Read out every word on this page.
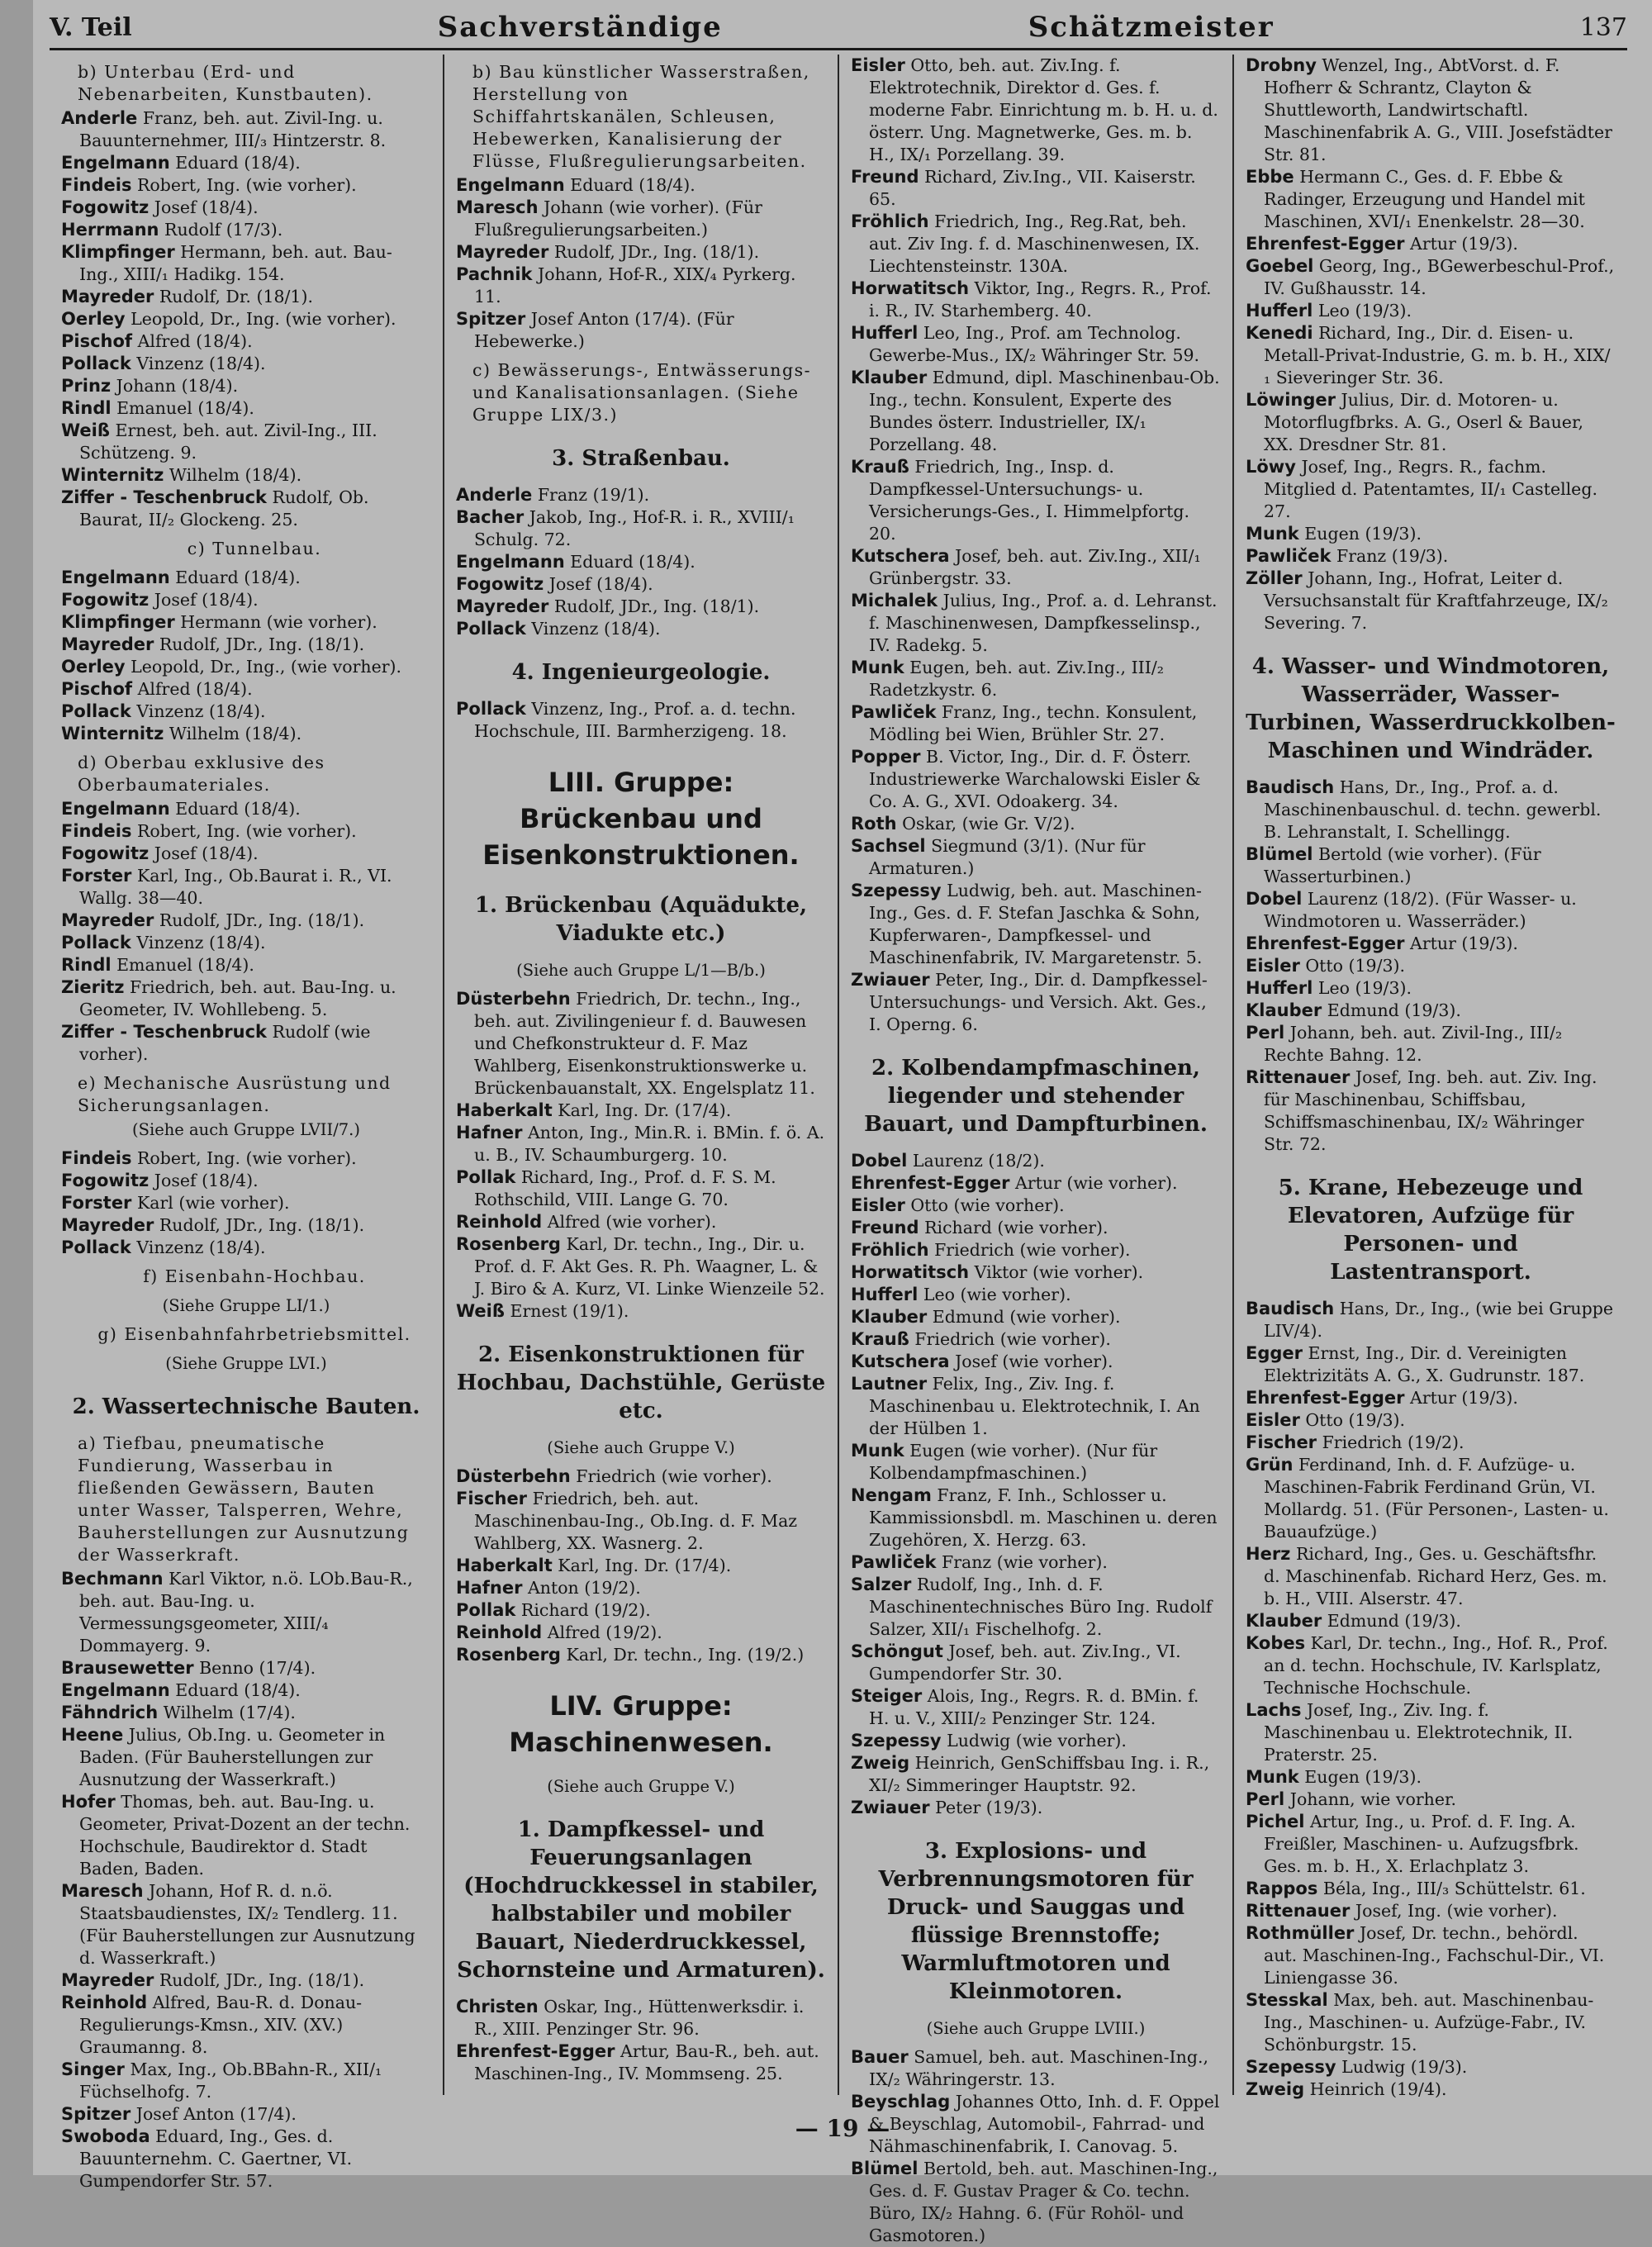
V. Teil	Sachverständige	Schätzmeister	137
b) Unterbau (Erd- und Nebenarbeiten, Kunstbauten).

Anderle Franz, beh. aut. Zivil-Ing. u. Bauunternehmer, III/₃ Hintzerstr. 8.

Engelmann Eduard (18/4).

Findeis Robert, Ing. (wie vorher).

Fogowitz Josef (18/4).

Herrmann Rudolf (17/3).

Klimpfinger Hermann, beh. aut. Bau-Ing., XIII/₁ Hadikg. 154.

Mayreder Rudolf, Dr. (18/1).

Oerley Leopold, Dr., Ing. (wie vorher).

Pischof Alfred (18/4).

Pollack Vinzenz (18/4).

Prinz Johann (18/4).

Rindl Emanuel (18/4).

Weiß Ernest, beh. aut. Zivil-Ing., III. Schützeng. 9.

Winternitz Wilhelm (18/4).

Ziffer - Teschenbruck Rudolf, Ob. Baurat, II/₂ Glockeng. 25.

c) Tunnelbau.

Engelmann Eduard (18/4).

Fogowitz Josef (18/4).

Klimpfinger Hermann (wie vorher).

Mayreder Rudolf, JDr., Ing. (18/1).

Oerley Leopold, Dr., Ing., (wie vorher).

Pischof Alfred (18/4).

Pollack Vinzenz (18/4).

Winternitz Wilhelm (18/4).

d) Oberbau exklusive des Oberbaumateriales.

Engelmann Eduard (18/4).

Findeis Robert, Ing. (wie vorher).

Fogowitz Josef (18/4).

Forster Karl, Ing., Ob.Baurat i. R., VI. Wallg. 38—40.

Mayreder Rudolf, JDr., Ing. (18/1).

Pollack Vinzenz (18/4).

Rindl Emanuel (18/4).

Zieritz Friedrich, beh. aut. Bau-Ing. u. Geometer, IV. Wohllebeng. 5.

Ziffer - Teschenbruck Rudolf (wie vorher).

e) Mechanische Ausrüstung und Sicherungsanlagen.
(Siehe auch Gruppe LVII/7.)

Findeis Robert, Ing. (wie vorher).

Fogowitz Josef (18/4).

Forster Karl (wie vorher).

Mayreder Rudolf, JDr., Ing. (18/1).

Pollack Vinzenz (18/4).

f) Eisenbahn-Hochbau.
(Siehe Gruppe LI/1.)
g) Eisenbahnfahrbetriebsmittel.
(Siehe Gruppe LVI.)
2. Wassertechnische Bauten.
a) Tiefbau, pneumatische Fundierung, Wasserbau in fließenden Gewässern, Bauten unter Wasser, Talsperren, Wehre, Bauherstellungen zur Ausnutzung der Wasserkraft.

Bechmann Karl Viktor, n.ö. LOb.Bau-R., beh. aut. Bau-Ing. u. Vermessungsgeometer, XIII/₄ Dommayerg. 9.

Brausewetter Benno (17/4).

Engelmann Eduard (18/4).

Fähndrich Wilhelm (17/4).

Heene Julius, Ob.Ing. u. Geometer in Baden. (Für Bauherstellungen zur Ausnutzung der Wasserkraft.)

Hofer Thomas, beh. aut. Bau-Ing. u. Geometer, Privat-Dozent an der techn. Hochschule, Baudirektor d. Stadt Baden, Baden.

Maresch Johann, Hof R. d. n.ö. Staatsbaudienstes, IX/₂ Tendlerg. 11. (Für Bauherstellungen zur Ausnutzung d. Wasserkraft.)

Mayreder Rudolf, JDr., Ing. (18/1).

Reinhold Alfred, Bau-R. d. Donau-Regulierungs-Kmsn., XIV. (XV.) Graumanng. 8.

Singer Max, Ing., Ob.BBahn-R., XII/₁ Füchselhofg. 7.

Spitzer Josef Anton (17/4).

Swoboda Eduard, Ing., Ges. d. Bauunternehm. C. Gaertner, VI. Gumpendorfer Str. 57.

b) Bau künstlicher Wasserstraßen, Herstellung von Schiffahrtskanälen, Schleusen, Hebewerken, Kanalisierung der Flüsse, Flußregulierungsarbeiten.

Engelmann Eduard (18/4).

Maresch Johann (wie vorher). (Für Flußregulierungsarbeiten.)

Mayreder Rudolf, JDr., Ing. (18/1).

Pachnik Johann, Hof-R., XIX/₄ Pyrkerg. 11.

Spitzer Josef Anton (17/4). (Für Hebewerke.)

c) Bewässerungs-, Entwässerungs- und Kanalisationsanlagen. (Siehe Gruppe LIX/3.)
3. Straßenbau.

Anderle Franz (19/1).

Bacher Jakob, Ing., Hof-R. i. R., XVIII/₁ Schulg. 72.

Engelmann Eduard (18/4).

Fogowitz Josef (18/4).

Mayreder Rudolf, JDr., Ing. (18/1).

Pollack Vinzenz (18/4).

4. Ingenieurgeologie.

Pollack Vinzenz, Ing., Prof. a. d. techn. Hochschule, III. Barmherzigeng. 18.

LIII. Gruppe: Brückenbau und Eisenkonstruktionen.
1. Brückenbau (Aquädukte, Viadukte etc.)
(Siehe auch Gruppe L/1—B/b.)

Düsterbehn Friedrich, Dr. techn., Ing., beh. aut. Zivilingenieur f. d. Bauwesen und Chefkonstrukteur d. F. Maz Wahlberg, Eisenkonstruktionswerke u. Brückenbauanstalt, XX. Engelsplatz 11.

Haberkalt Karl, Ing. Dr. (17/4).

Hafner Anton, Ing., Min.R. i. BMin. f. ö. A. u. B., IV. Schaumburgerg. 10.

Pollak Richard, Ing., Prof. d. F. S. M. Rothschild, VIII. Lange G. 70.

Reinhold Alfred (wie vorher).

Rosenberg Karl, Dr. techn., Ing., Dir. u. Prof. d. F. Akt Ges. R. Ph. Waagner, L. & J. Biro & A. Kurz, VI. Linke Wienzeile 52.

Weiß Ernest (19/1).

2. Eisenkonstruktionen für Hochbau, Dachstühle, Gerüste etc.
(Siehe auch Gruppe V.)

Düsterbehn Friedrich (wie vorher).

Fischer Friedrich, beh. aut. Maschinenbau-Ing., Ob.Ing. d. F. Maz Wahlberg, XX. Wasnerg. 2.

Haberkalt Karl, Ing. Dr. (17/4).

Hafner Anton (19/2).

Pollak Richard (19/2).

Reinhold Alfred (19/2).

Rosenberg Karl, Dr. techn., Ing. (19/2.)

LIV. Gruppe: Maschinenwesen.
(Siehe auch Gruppe V.)
1. Dampfkessel- und Feuerungsanlagen (Hochdruckkessel in stabiler, halbstabiler und mobiler Bauart, Niederdruckkessel, Schornsteine und Armaturen).

Christen Oskar, Ing., Hüttenwerksdir. i. R., XIII. Penzinger Str. 96.

Ehrenfest-Egger Artur, Bau-R., beh. aut. Maschinen-Ing., IV. Mommseng. 25.

Eisler Otto, beh. aut. Ziv.Ing. f. Elektrotechnik, Direktor d. Ges. f. moderne Fabr. Einrichtung m. b. H. u. d. österr. Ung. Magnetwerke, Ges. m. b. H., IX/₁ Porzellang. 39.

Freund Richard, Ziv.Ing., VII. Kaiserstr. 65.

Fröhlich Friedrich, Ing., Reg.Rat, beh. aut. Ziv Ing. f. d. Maschinenwesen, IX. Liechtensteinstr. 130A.

Horwatitsch Viktor, Ing., Regrs. R., Prof. i. R., IV. Starhemberg. 40.

Hufferl Leo, Ing., Prof. am Technolog. Gewerbe-Mus., IX/₂ Währinger Str. 59.

Klauber Edmund, dipl. Maschinenbau-Ob. Ing., techn. Konsulent, Experte des Bundes österr. Industrieller, IX/₁ Porzellang. 48.

Krauß Friedrich, Ing., Insp. d. Dampfkessel-Untersuchungs- u. Versicherungs-Ges., I. Himmelpfortg. 20.

Kutschera Josef, beh. aut. Ziv.Ing., XII/₁ Grünbergstr. 33.

Michalek Julius, Ing., Prof. a. d. Lehranst. f. Maschinenwesen, Dampfkesselinsp., IV. Radekg. 5.

Munk Eugen, beh. aut. Ziv.Ing., III/₂ Radetzkystr. 6.

Pawliček Franz, Ing., techn. Konsulent, Mödling bei Wien, Brühler Str. 27.

Popper B. Victor, Ing., Dir. d. F. Österr. Industriewerke Warchalowski Eisler & Co. A. G., XVI. Odoakerg. 34.

Roth Oskar, (wie Gr. V/2).

Sachsel Siegmund (3/1). (Nur für Armaturen.)

Szepessy Ludwig, beh. aut. Maschinen-Ing., Ges. d. F. Stefan Jaschka & Sohn, Kupferwaren-, Dampfkessel- und Maschinenfabrik, IV. Margaretenstr. 5.

Zwiauer Peter, Ing., Dir. d. Dampfkessel-Untersuchungs- und Versich. Akt. Ges., I. Operng. 6.

2. Kolbendampfmaschinen, liegender und stehender Bauart, und Dampfturbinen.

Dobel Laurenz (18/2).

Ehrenfest-Egger Artur (wie vorher).

Eisler Otto (wie vorher).

Freund Richard (wie vorher).

Fröhlich Friedrich (wie vorher).

Horwatitsch Viktor (wie vorher).

Hufferl Leo (wie vorher).

Klauber Edmund (wie vorher).

Krauß Friedrich (wie vorher).

Kutschera Josef (wie vorher).

Lautner Felix, Ing., Ziv. Ing. f. Maschinenbau u. Elektrotechnik, I. An der Hülben 1.

Munk Eugen (wie vorher). (Nur für Kolbendampfmaschinen.)

Nengam Franz, F. Inh., Schlosser u. Kammissionsbdl. m. Maschinen u. deren Zugehören, X. Herzg. 63.

Pawliček Franz (wie vorher).

Salzer Rudolf, Ing., Inh. d. F. Maschinentechnisches Büro Ing. Rudolf Salzer, XII/₁ Fischelhofg. 2.

Schöngut Josef, beh. aut. Ziv.Ing., VI. Gumpendorfer Str. 30.

Steiger Alois, Ing., Regrs. R. d. BMin. f. H. u. V., XIII/₂ Penzinger Str. 124.

Szepessy Ludwig (wie vorher).

Zweig Heinrich, GenSchiffsbau Ing. i. R., XI/₂ Simmeringer Hauptstr. 92.

Zwiauer Peter (19/3).

3. Explosions- und Verbrennungsmotoren für Druck- und Sauggas und flüssige Brennstoffe; Warmluftmotoren und Kleinmotoren.
(Siehe auch Gruppe LVIII.)

Bauer Samuel, beh. aut. Maschinen-Ing., IX/₂ Währingerstr. 13.

Beyschlag Johannes Otto, Inh. d. F. Oppel & Beyschlag, Automobil-, Fahrrad- und Nähmaschinenfabrik, I. Canovag. 5.

Blümel Bertold, beh. aut. Maschinen-Ing., Ges. d. F. Gustav Prager & Co. techn. Büro, IX/₂ Hahng. 6. (Für Rohöl- und Gasmotoren.)

Drobny Wenzel, Ing., AbtVorst. d. F. Hofherr & Schrantz, Clayton & Shuttleworth, Landwirtschaftl. Maschinenfabrik A. G., VIII. Josefstädter Str. 81.

Ebbe Hermann C., Ges. d. F. Ebbe & Radinger, Erzeugung und Handel mit Maschinen, XVI/₁ Enenkelstr. 28—30.

Ehrenfest-Egger Artur (19/3).

Goebel Georg, Ing., BGewerbeschul-Prof., IV. Gußhausstr. 14.

Hufferl Leo (19/3).

Kenedi Richard, Ing., Dir. d. Eisen- u. Metall-Privat-Industrie, G. m. b. H., XIX/₁ Sieveringer Str. 36.

Löwinger Julius, Dir. d. Motoren- u. Motorflugfbrks. A. G., Oserl & Bauer, XX. Dresdner Str. 81.

Löwy Josef, Ing., Regrs. R., fachm. Mitglied d. Patentamtes, II/₁ Castelleg. 27.

Munk Eugen (19/3).

Pawliček Franz (19/3).

Zöller Johann, Ing., Hofrat, Leiter d. Versuchsanstalt für Kraftfahrzeuge, IX/₂ Severing. 7.

4. Wasser- und Windmotoren, Wasserräder, Wasser-Turbinen, Wasserdruckkolben-Maschinen und Windräder.

Baudisch Hans, Dr., Ing., Prof. a. d. Maschinenbauschul. d. techn. gewerbl. B. Lehranstalt, I. Schellingg.

Blümel Bertold (wie vorher). (Für Wasserturbinen.)

Dobel Laurenz (18/2). (Für Wasser- u. Windmotoren u. Wasserräder.)

Ehrenfest-Egger Artur (19/3).

Eisler Otto (19/3).

Hufferl Leo (19/3).

Klauber Edmund (19/3).

Perl Johann, beh. aut. Zivil-Ing., III/₂ Rechte Bahng. 12.

Rittenauer Josef, Ing. beh. aut. Ziv. Ing. für Maschinenbau, Schiffsbau, Schiffsmaschinenbau, IX/₂ Währinger Str. 72.

5. Krane, Hebezeuge und Elevatoren, Aufzüge für Personen- und Lastentransport.

Baudisch Hans, Dr., Ing., (wie bei Gruppe LIV/4).

Egger Ernst, Ing., Dir. d. Vereinigten Elektrizitäts A. G., X. Gudrunstr. 187.

Ehrenfest-Egger Artur (19/3).

Eisler Otto (19/3).

Fischer Friedrich (19/2).

Grün Ferdinand, Inh. d. F. Aufzüge- u. Maschinen-Fabrik Ferdinand Grün, VI. Mollardg. 51. (Für Personen-, Lasten- u. Bauaufzüge.)

Herz Richard, Ing., Ges. u. Geschäftsfhr. d. Maschinenfab. Richard Herz, Ges. m. b. H., VIII. Alserstr. 47.

Klauber Edmund (19/3).

Kobes Karl, Dr. techn., Ing., Hof. R., Prof. an d. techn. Hochschule, IV. Karlsplatz, Technische Hochschule.

Lachs Josef, Ing., Ziv. Ing. f. Maschinenbau u. Elektrotechnik, II. Praterstr. 25.

Munk Eugen (19/3).

Perl Johann, wie vorher.

Pichel Artur, Ing., u. Prof. d. F. Ing. A. Freißler, Maschinen- u. Aufzugsfbrk. Ges. m. b. H., X. Erlachplatz 3.

Rappos Béla, Ing., III/₃ Schüttelstr. 61.

Rittenauer Josef, Ing. (wie vorher).

Rothmüller Josef, Dr. techn., behördl. aut. Maschinen-Ing., Fachschul-Dir., VI. Liniengasse 36.

Stesskal Max, beh. aut. Maschinenbau-Ing., Maschinen- u. Aufzüge-Fabr., IV. Schönburgstr. 15.

Szepessy Ludwig (19/3).

Zweig Heinrich (19/4).

— 19 —
